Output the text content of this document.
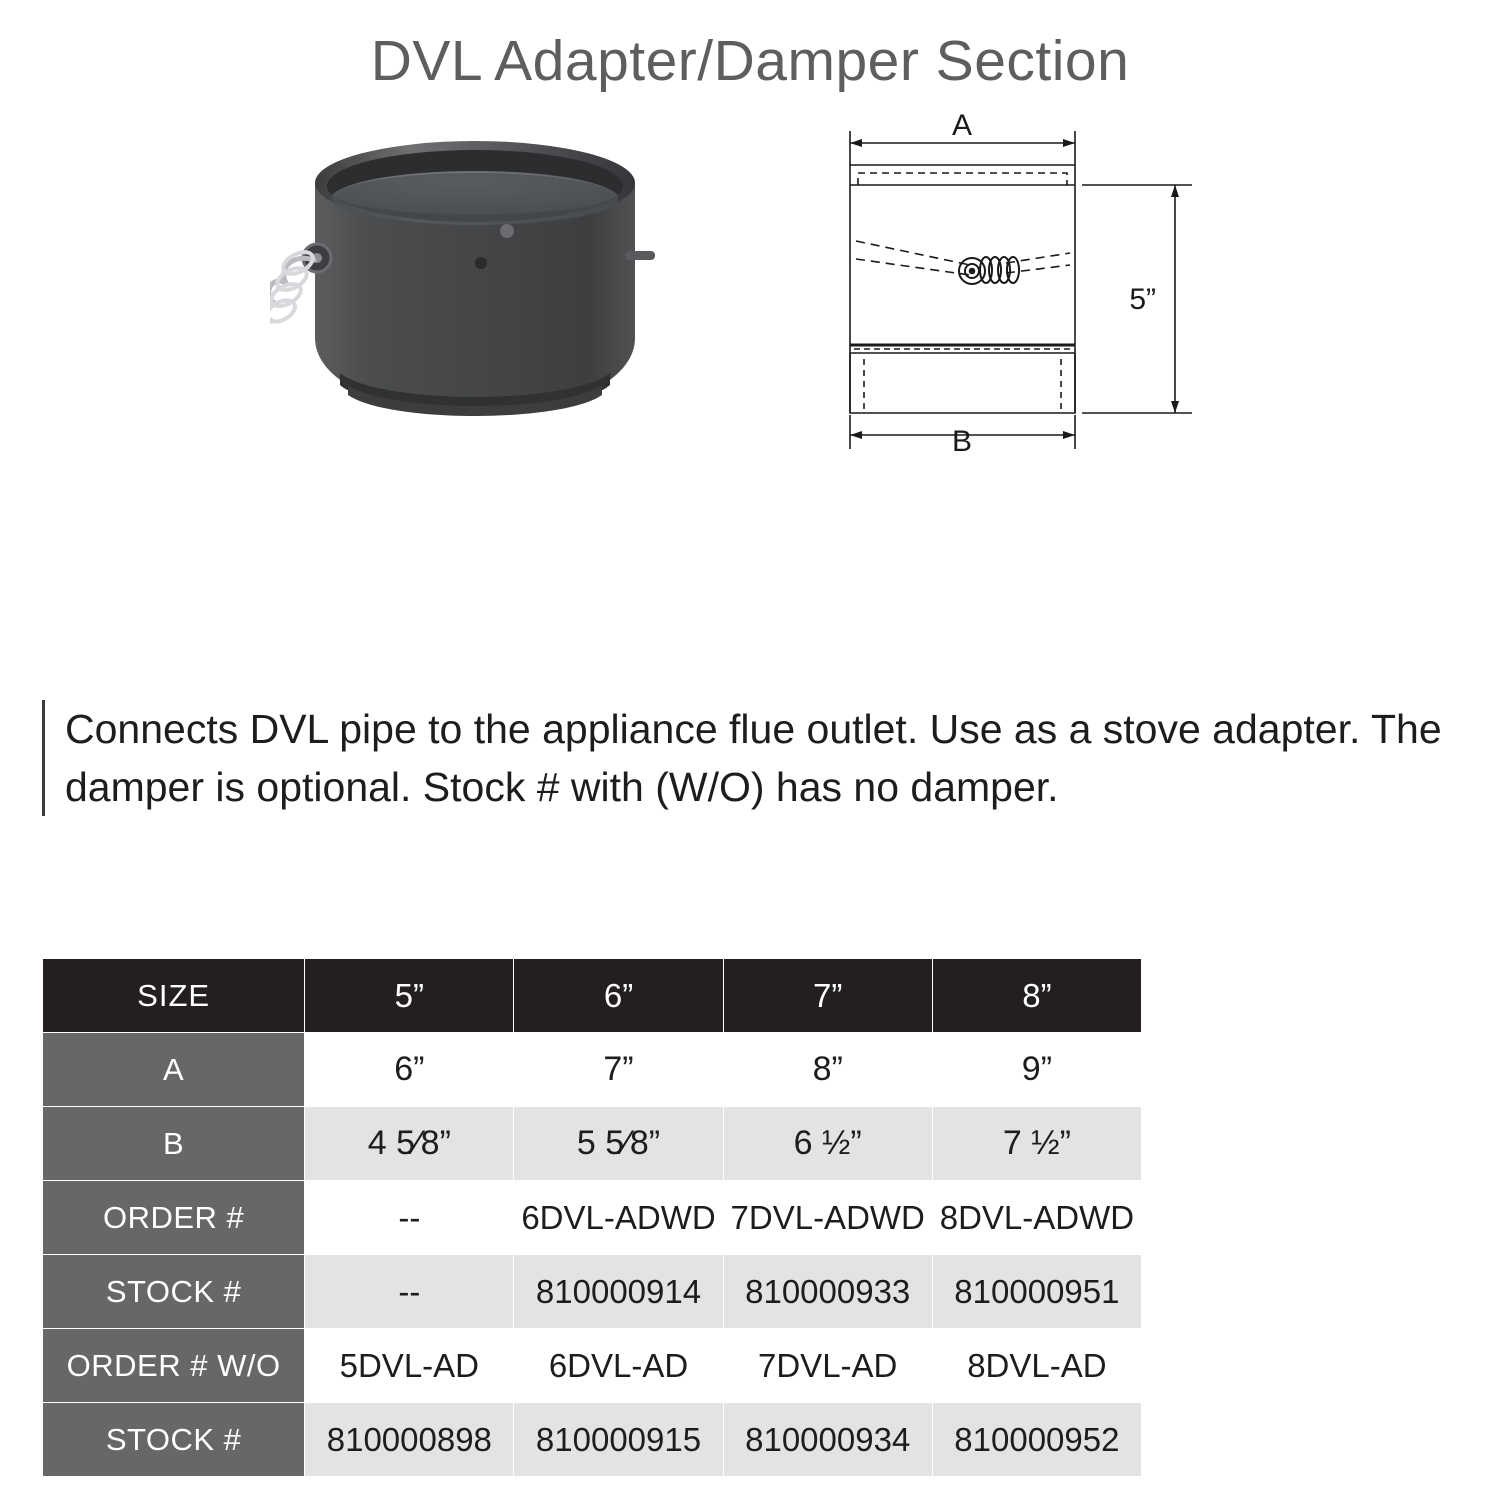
DVL Adapter/Damper Section
A
B
5”
Connects DVL pipe to the appliance flue outlet. Use as a stove adapter. The damper is optional. Stock # with (W/O) has no damper.
SIZE	5”	6”	7”	8”
A	6”	7”	8”	9”
B	4 5⁄8”	5 5⁄8”	6 ½”	7 ½”
ORDER #	--	6DVL-ADWD	7DVL-ADWD	8DVL-ADWD
STOCK #	--	810000914	810000933	810000951
ORDER # W/O	5DVL-AD	6DVL-AD	7DVL-AD	8DVL-AD
STOCK #	810000898	810000915	810000934	810000952
